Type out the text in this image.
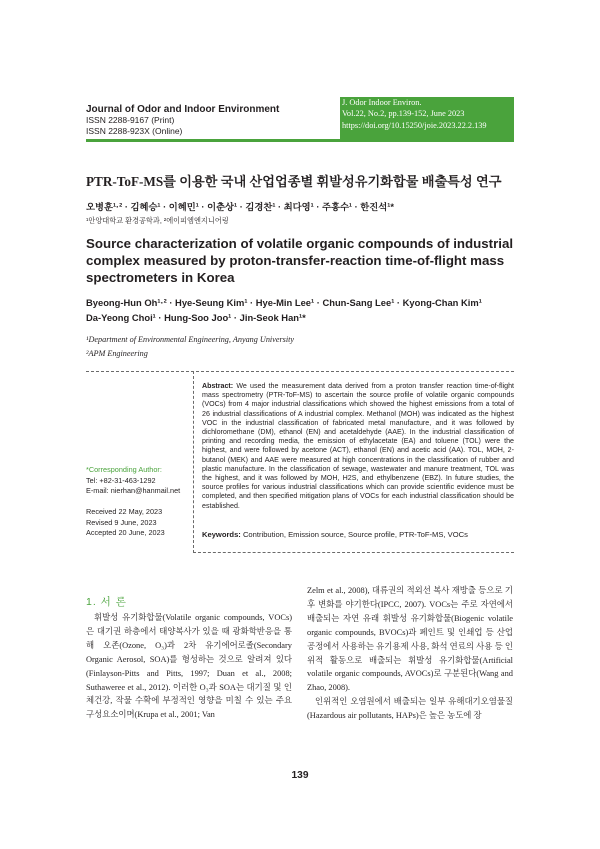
Journal of Odor and Indoor Environment
ISSN 2288-9167 (Print)
ISSN 2288-923X (Online)
J. Odor Indoor Environ.
Vol.22, No.2, pp.139-152, June 2023
https://doi.org/10.15250/joie.2023.22.2.139
PTR-ToF-MS를 이용한 국내 산업업종별 휘발성유기화합물 배출특성 연구
오병훈¹·² · 김혜승¹ · 이혜민¹ · 이춘상¹ · 김경찬¹ · 최다영¹ · 주홍수¹ · 한진석¹*
¹안양대학교 환경공학과, ²에이피엠엔지니어링
Source characterization of volatile organic compounds of industrial complex measured by proton-transfer-reaction time-of-flight mass spectrometers in Korea
Byeong-Hun Oh¹·² · Hye-Seung Kim¹ · Hye-Min Lee¹ · Chun-Sang Lee¹ · Kyong-Chan Kim¹
Da-Yeong Choi¹ · Hung-Soo Joo¹ · Jin-Seok Han¹*
¹Department of Environmental Engineering, Anyang University
²APM Engineering
*Corresponding Author:
Tel: +82-31-463-1292
E-mail: nierhan@hanmail.net
Received 22 May, 2023
Revised 9 June, 2023
Accepted 20 June, 2023
Abstract: We used the measurement data derived from a proton transfer reaction time-of-flight mass spectrometry (PTR-ToF-MS) to ascertain the source profile of volatile organic compounds (VOCs) from 4 major industrial classifications which showed the highest emissions from a total of 26 industrial classifications of A industrial complex. Methanol (MOH) was indicated as the highest VOC in the industrial classification of fabricated metal manufacture, and it was followed by dichloromethane (DM), ethanol (EN) and acetaldehyde (AAE). In the industrial classification of printing and recording media, the emission of ethylacetate (EA) and toluene (TOL) were the highest, and were followed by acetone (ACT), ethanol (EN) and acetic acid (AA). TOL, MOH, 2-butanol (MEK) and AAE were measured at high concentrations in the classification of rubber and plastic manufacture. In the classification of sewage, wastewater and manure treatment, TOL was the highest, and it was followed by MOH, H2S, and ethylbenzene (EBZ). In future studies, the source profiles for various industrial classifications which can provide scientific evidence must be completed, and then specified mitigation plans of VOCs for each industrial classification should be established.
Keywords: Contribution, Emission source, Source profile, PTR-ToF-MS, VOCs
1. 서 론

휘발성 유기화합물(Volatile organic compounds, VOCs)은 대기권 하층에서 태양복사가 있을 때 광화학반응을 통해 오존(Ozone, O₃)과 2차 유기에어로졸(Secondary Organic Aerosol, SOA)를 형성하는 것으로 알려져 있다(Finlayson-Pitts and Pitts, 1997; Duan et al., 2008; Suthaweree et al., 2012). 이러한 O₃과 SOA는 대기질 및 인체건강, 작물 수확에 부정적인 영향을 미칠 수 있는 주요 구성요소이며(Krupa et al., 2001; Van

Zelm et al., 2008), 대류권의 적외선 복사 재방출 등으로 기후 변화를 야기한다(IPCC, 2007). VOCs는 주로 자연에서 배출되는 자연 유래 휘발성 유기화합물(Biogenic volatile organic compounds, BVOCs)과 페인트 및 인쇄업 등 산업공정에서 사용하는 유기용제 사용, 화석 연료의 사용 등 인위적 활동으로 배출되는 휘발성 유기화합물(Artificial volatile organic compounds, AVOCs)로 구분된다(Wang and Zhao, 2008).

인위적인 오염원에서 배출되는 일부 유해대기오염물질(Hazardous air pollutants, HAPs)은 높은 농도에 장

139
